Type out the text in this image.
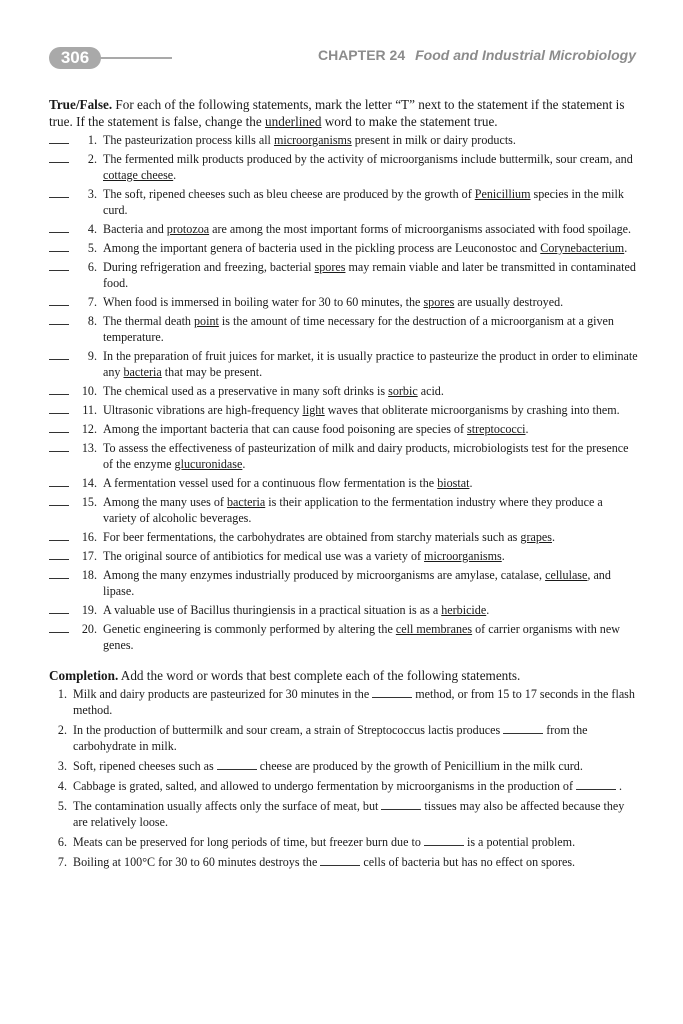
306	CHAPTER 24 Food and Industrial Microbiology

True/False. For each of the following statements, mark the letter “T” next to the statement if the statement is true. If the statement is false, change the underlined word to make the statement true.

1. The pasteurization process kills all microorganisms present in milk or dairy products.
2. The fermented milk products produced by the activity of microorganisms include buttermilk, sour cream, and cottage cheese.
3. The soft, ripened cheeses such as bleu cheese are produced by the growth of Penicillium species in the milk curd.
4. Bacteria and protozoa are among the most important forms of microorganisms associated with food spoilage.
5. Among the important genera of bacteria used in the pickling process are Leuconostoc and Corynebacterium.
6. During refrigeration and freezing, bacterial spores may remain viable and later be transmitted in contaminated food.
7. When food is immersed in boiling water for 30 to 60 minutes, the spores are usually destroyed.
8. The thermal death point is the amount of time necessary for the destruction of a microorganism at a given temperature.
9. In the preparation of fruit juices for market, it is usually practice to pasteurize the product in order to eliminate any bacteria that may be present.
10. The chemical used as a preservative in many soft drinks is sorbic acid.
11. Ultrasonic vibrations are high-frequency light waves that obliterate microorganisms by crashing into them.
12. Among the important bacteria that can cause food poisoning are species of streptococci.
13. To assess the effectiveness of pasteurization of milk and dairy products, microbiologists test for the presence of the enzyme glucuronidase.
14. A fermentation vessel used for a continuous flow fermentation is the biostat.
15. Among the many uses of bacteria is their application to the fermentation industry where they produce a variety of alcoholic beverages.
16. For beer fermentations, the carbohydrates are obtained from starchy materials such as grapes.
17. The original source of antibiotics for medical use was a variety of microorganisms.
18. Among the many enzymes industrially produced by microorganisms are amylase, catalase, cellulase, and lipase.
19. A valuable use of Bacillus thuringiensis in a practical situation is as a herbicide.
20. Genetic engineering is commonly performed by altering the cell membranes of carrier organisms with new genes.

Completion. Add the word or words that best complete each of the following statements.

1. Milk and dairy products are pasteurized for 30 minutes in the	method, or from 15 to 17 seconds in the flash method.
2. In the production of buttermilk and sour cream, a strain of Streptococcus lactis produces	from the carbohydrate in milk.
3. Soft, ripened cheeses such as	cheese are produced by the growth of Penicillium in the milk curd.
4. Cabbage is grated, salted, and allowed to undergo fermentation by microorganisms in the production of	.
5. The contamination usually affects only the surface of meat, but	tissues may also be affected because they are relatively loose.
6. Meats can be preserved for long periods of time, but freezer burn due to	is a potential problem.
7. Boiling at 100°C for 30 to 60 minutes destroys the	cells of bacteria but has no effect on spores.
